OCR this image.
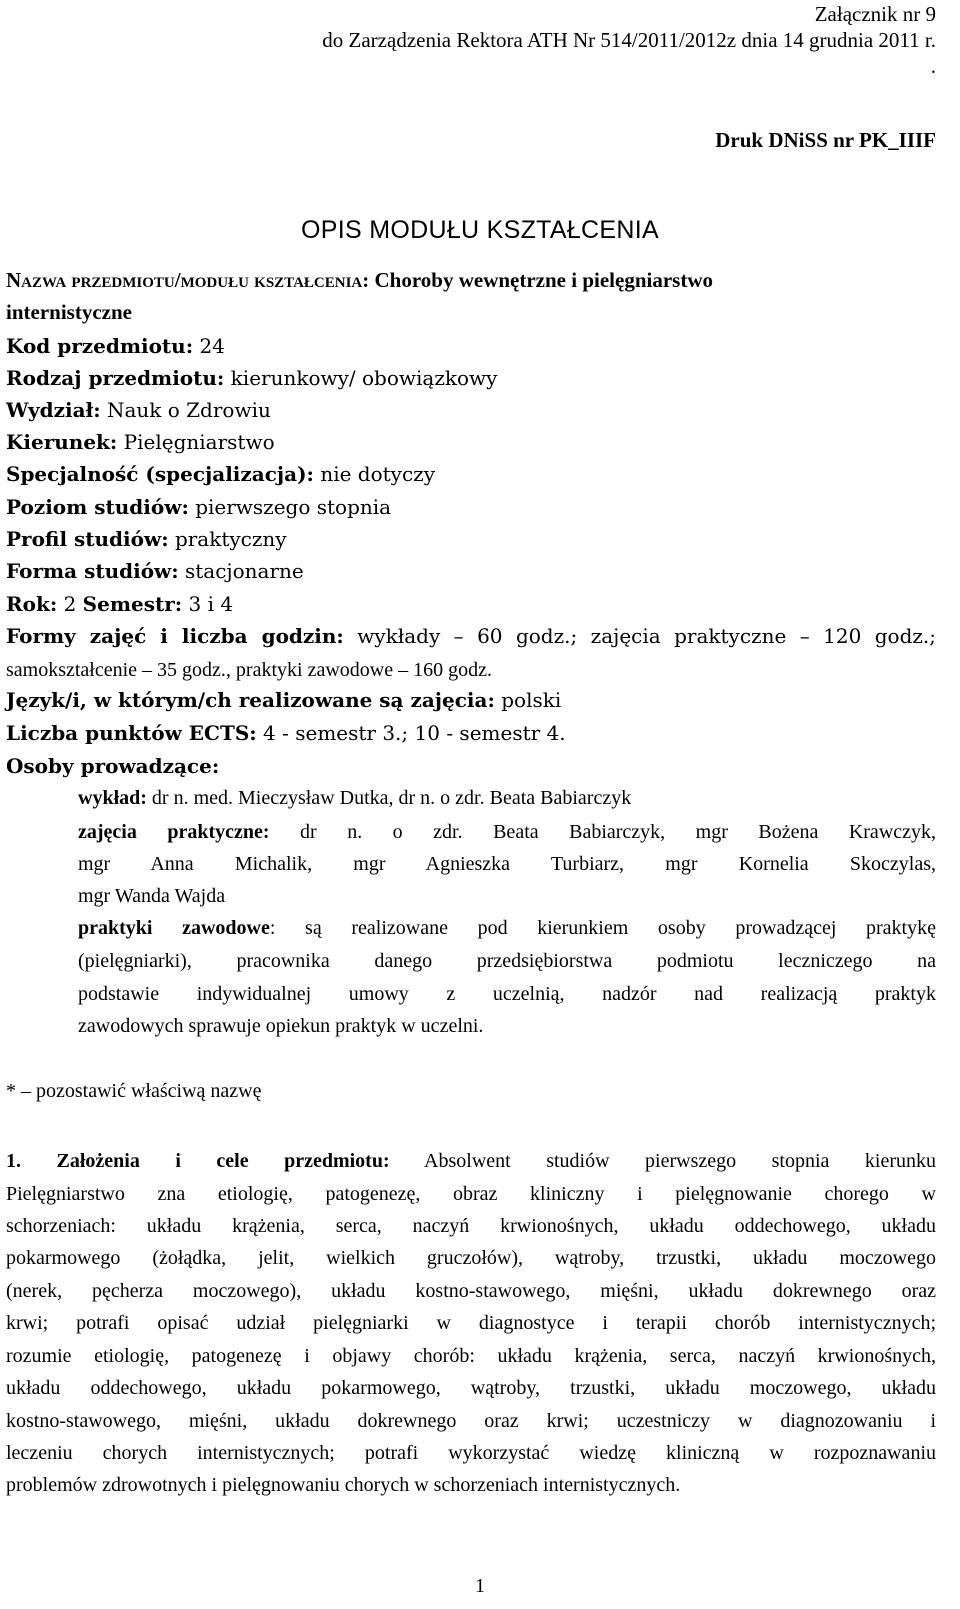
Załącznik nr 9
do Zarządzenia Rektora ATH Nr 514/2011/2012z dnia 14 grudnia 2011 r.
.
Druk DNiSS nr PK_IIIF
OPIS MODUŁU KSZTAŁCENIA
Nazwa przedmiotu/modułu kształcenia: Choroby wewnętrzne i pielęgniarstwo
internistyczne
Kod przedmiotu: 24
Rodzaj przedmiotu: kierunkowy/ obowiązkowy
Wydział: Nauk o Zdrowiu
Kierunek: Pielęgniarstwo
Specjalność (specjalizacja): nie dotyczy
Poziom studiów: pierwszego stopnia
Profil studiów: praktyczny
Forma studiów: stacjonarne
Rok: 2 Semestr: 3 i 4
Formy zajęć i liczba godzin: wykłady – 60 godz.; zajęcia praktyczne – 120 godz.;
samokształcenie – 35 godz., praktyki zawodowe – 160 godz.
Język/i, w którym/ch realizowane są zajęcia: polski
Liczba punktów ECTS: 4 - semestr 3.; 10 - semestr 4.
Osoby prowadzące:
wykład: dr n. med. Mieczysław Dutka, dr n. o zdr. Beata Babiarczyk
zajęcia praktyczne: dr n. o zdr. Beata Babiarczyk, mgr Bożena Krawczyk,
mgr Anna Michalik, mgr Agnieszka Turbiarz, mgr Kornelia Skoczylas,
mgr Wanda Wajda
praktyki zawodowe: są realizowane pod kierunkiem osoby prowadzącej praktykę
(pielęgniarki), pracownika danego przedsiębiorstwa podmiotu leczniczego na
podstawie indywidualnej umowy z uczelnią, nadzór nad realizacją praktyk
zawodowych sprawuje opiekun praktyk w uczelni.
* – pozostawić właściwą nazwę
1. Założenia i cele przedmiotu: Absolwent studiów pierwszego stopnia kierunku
Pielęgniarstwo zna etiologię, patogenezę, obraz kliniczny i pielęgnowanie chorego w
schorzeniach: układu krążenia, serca, naczyń krwionośnych, układu oddechowego, układu
pokarmowego (żołądka, jelit, wielkich gruczołów), wątroby, trzustki, układu moczowego
(nerek, pęcherza moczowego), układu kostno-stawowego, mięśni, układu dokrewnego oraz
krwi; potrafi opisać udział pielęgniarki w diagnostyce i terapii chorób internistycznych;
rozumie etiologię, patogenezę i objawy chorób: układu krążenia, serca, naczyń krwionośnych,
układu oddechowego, układu pokarmowego, wątroby, trzustki, układu moczowego, układu
kostno-stawowego, mięśni, układu dokrewnego oraz krwi; uczestniczy w diagnozowaniu i
leczeniu chorych internistycznych; potrafi wykorzystać wiedzę kliniczną w rozpoznawaniu
problemów zdrowotnych i pielęgnowaniu chorych w schorzeniach internistycznych.
1
